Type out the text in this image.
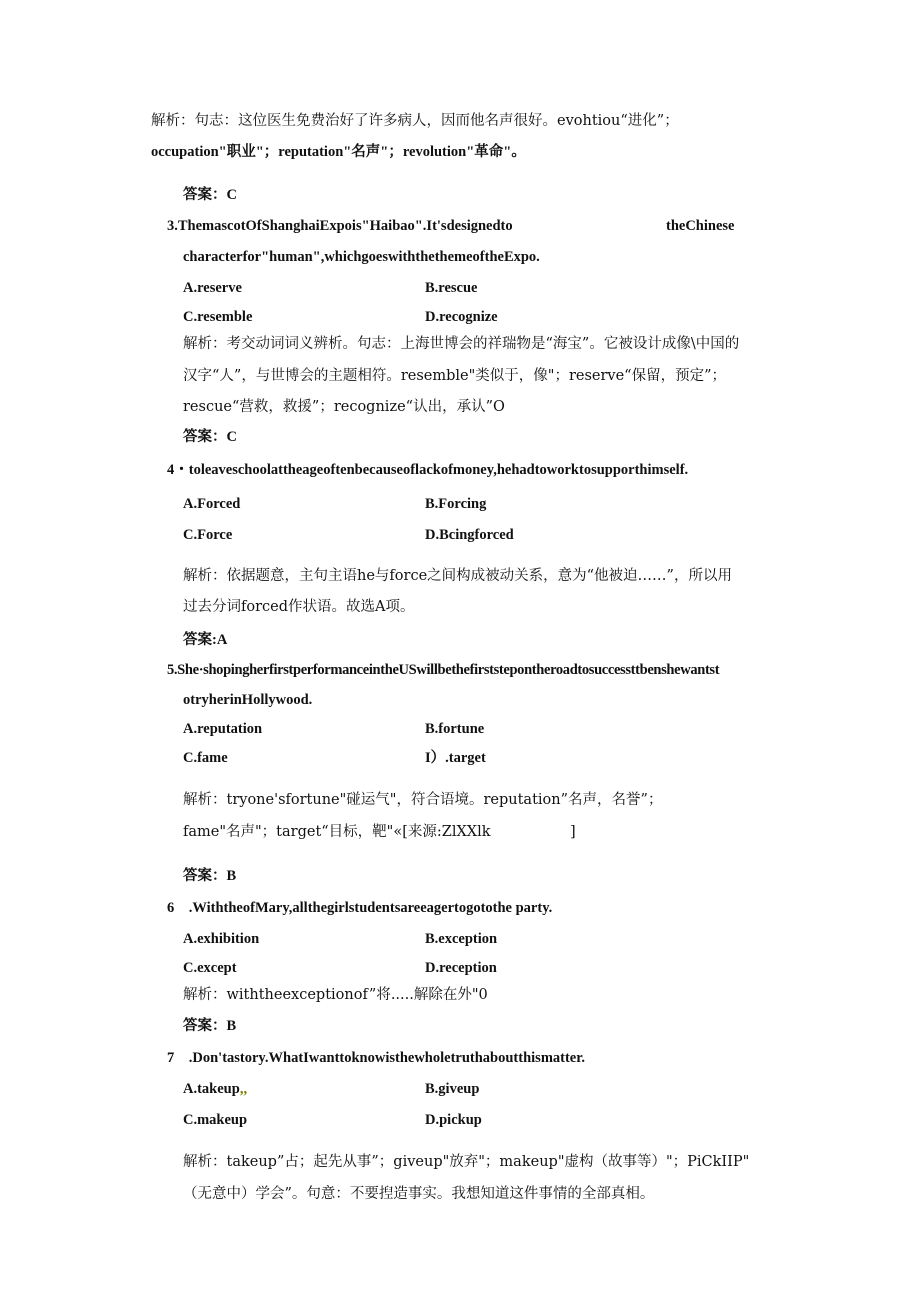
解析：句志：这位医生免费治好了许多病人，因而他名声很好。evohtiou“进化”；
occupation"职业"；reputation"名声"；revolution"革命"。
答案：C
3.ThemascotOfShanghaiExpois"Haibao".It'sdesignedto	theChinese
characterfor"human",whichgoeswiththethemeoftheExpo.
A.reserve	B.rescue
C.resemble	D.recognize
解析：考交动词词义辨析。句志：上海世博会的祥瑞物是“海宝”。它被设计成像\中国的
汉字“人”，与世博会的主题相符。resemble"类似于，像"；reserve“保留，预定”；
rescue“营救，救援”；recognize“认出，承认”O
答案：C
4・toleaveschoolattheageoftenbecauseoflackofmoney,hehadtoworktosupporthimself.
A.Forced	B.Forcing
C.Force	D.Bcingforced
解析：依据题意，主句主语he与force之间构成被动关系，意为“他被迫……”，所以用
过去分词forced作状语。故选A项。
答案:A
5.She·shopingherfirstperformanceintheUSwillbethefirststepontheroadtosuccessttbenshewantst
otryherinHollywood.
A.reputation	B.fortune
C.fame	I）.target
解析：tryone'sfortune"碰运气"，符合语境。reputation”名声，名誉”；
fame"名声"；target“目标，靶"«[来源:ZlXXlk	]
答案：B
6　.WiththeofMary,allthegirlstudentsareeagertogotothe party.
A.exhibition	B.exception
C.except	D.reception
解析：withtheexceptionof”将.....解除在外"0
答案：B
7　.Don'tastory.WhatIwanttoknowisthewholetruthaboutthismatter.
A.takeup,,	B.giveup
C.makeup	D.pickup
解析：takeup”占；起先从事”；giveup"放弃"；makeup"虚构（故事等）"；PiCkIIP"
（无意中）学会”。句意：不要揑造事实。我想知道这件事情的全部真相。
